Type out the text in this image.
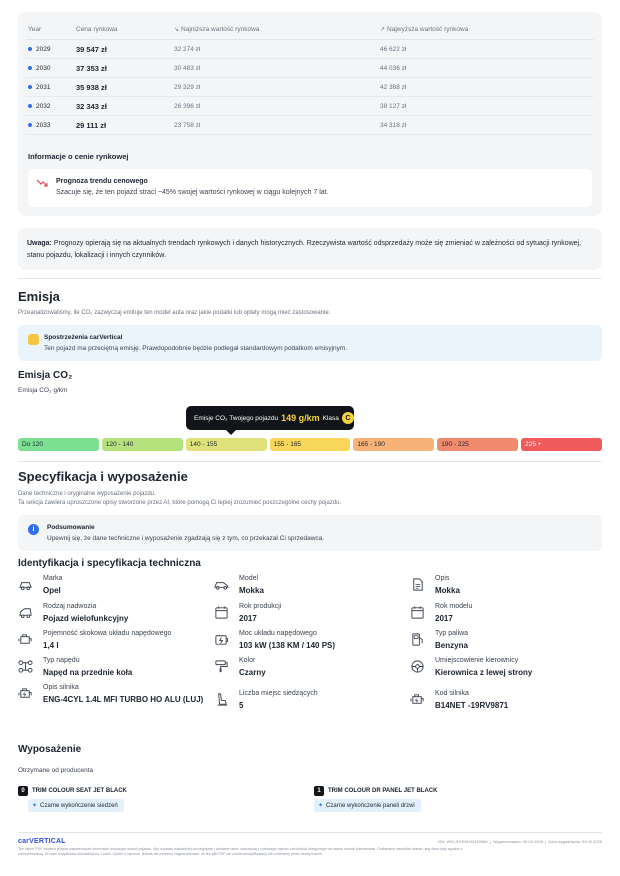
Year	Cena rynkowa	↘ Najniższa wartość rynkowa	↗ Najwyższa wartość rynkowa
2029	39 547 zł	32 274 zł	46 622 zł
2030	37 353 zł	30 483 zł	44 036 zł
2031	35 938 zł	29 329 zł	42 368 zł
2032	32 343 zł	26 396 zł	38 127 zł
2033	29 111 zł	23 758 zł	34 318 zł
Informacje o cenie rynkowej
Prognoza trendu cenowego
Szacuje się, że ten pojazd straci ~45% swojej wartości rynkowej w ciągu kolejnych 7 lat.
Uwaga: Prognozy opierają się na aktualnych trendach rynkowych i danych historycznych. Rzeczywista wartość odsprzedaży może się zmieniać w zależności od sytuacji rynkowej, stanu pojazdu, lokalizacji i innych czynników.
Emisja
Przeanalizowaliśmy, ile CO₂ zazwyczaj emituje ten model auta oraz jakie podatki lub opłaty mogą mieć zastosowanie.
Spostrzeżenia carVertical
Ten pojazd ma przeciętną emisję. Prawdopodobnie będzie podlegał standardowym podatkom emisyjnym.
Emisja CO₂
Emisja CO₂ g/km
Emisje CO₂ Twojego pojazdu 149 g/km Klasa C
Do 120	120 - 140	140 - 155	155 - 165	165 - 190	190 - 225	225 +
Specyfikacja i wyposażenie
Dane techniczne i oryginalne wyposażenie pojazdu.
Ta sekcja zawiera uproszczone opisy stworzone przez AI, które pomogą Ci lepiej zrozumieć poszczególne cechy pojazdu.
i	Podsumowanie
Upewnij się, że dane techniczne i wyposażenie zgadzają się z tym, co przekazał Ci sprzedawca.
Identyfikacja i specyfikacja techniczna
Marka
Opel
Model
Mokka
Opis
Mokka
Rodzaj nadwozia
Pojazd wielofunkcyjny
Rok produkcji
2017
Rok modelu
2017
Pojemność skokowa układu napędowego
1,4 l
Moc układu napędowego
103 kW (138 KM / 140 PS)
Typ paliwa
Benzyna
Typ napędu
Napęd na przednie koła
Kolor
Czarny
Umiejscowienie kierownicy
Kierownica z lewej strony
Opis silnika
ENG-4CYL 1.4L MFI TURBO HO ALU (LUJ)
Liczba miejsc siedzących
5
Kod silnika
B14NET -19RV9871
Wyposażenie
Otrzymane od producenta
0	TRIM COLOUR SEAT JET BLACK
✦ Czarne wykończenie siedzeń
1	TRIM COLOUR DR PANEL JET BLACK
✦ Czarne wykończenie paneli drzwi
carVERTICAL	VIN: W0LJD7E81H4339968  |  Wygenerowano: 06.04.2026  |  Data wygaśnięcia: 03.05.2026
Ten raport PDF zawiera jedynie najważniejsze informacje dotyczące historii pojazdu. Aby uzyskać najbardziej szczegółowe i aktualne dane, skorzystaj z cyfrowego raportu carVertical dostępnego na naszej stronie internetowej. Dokładamy wszelkich starań, aby dane były zgodne z
rzeczywistością. W razie wątpliwości skontaktuj się z nami. Opinie o raporcie, jednak nie możemy zagwarantować, że ten plik PDF nie został zmodyfikowany lub zmieniony przez osoby trzecie.
